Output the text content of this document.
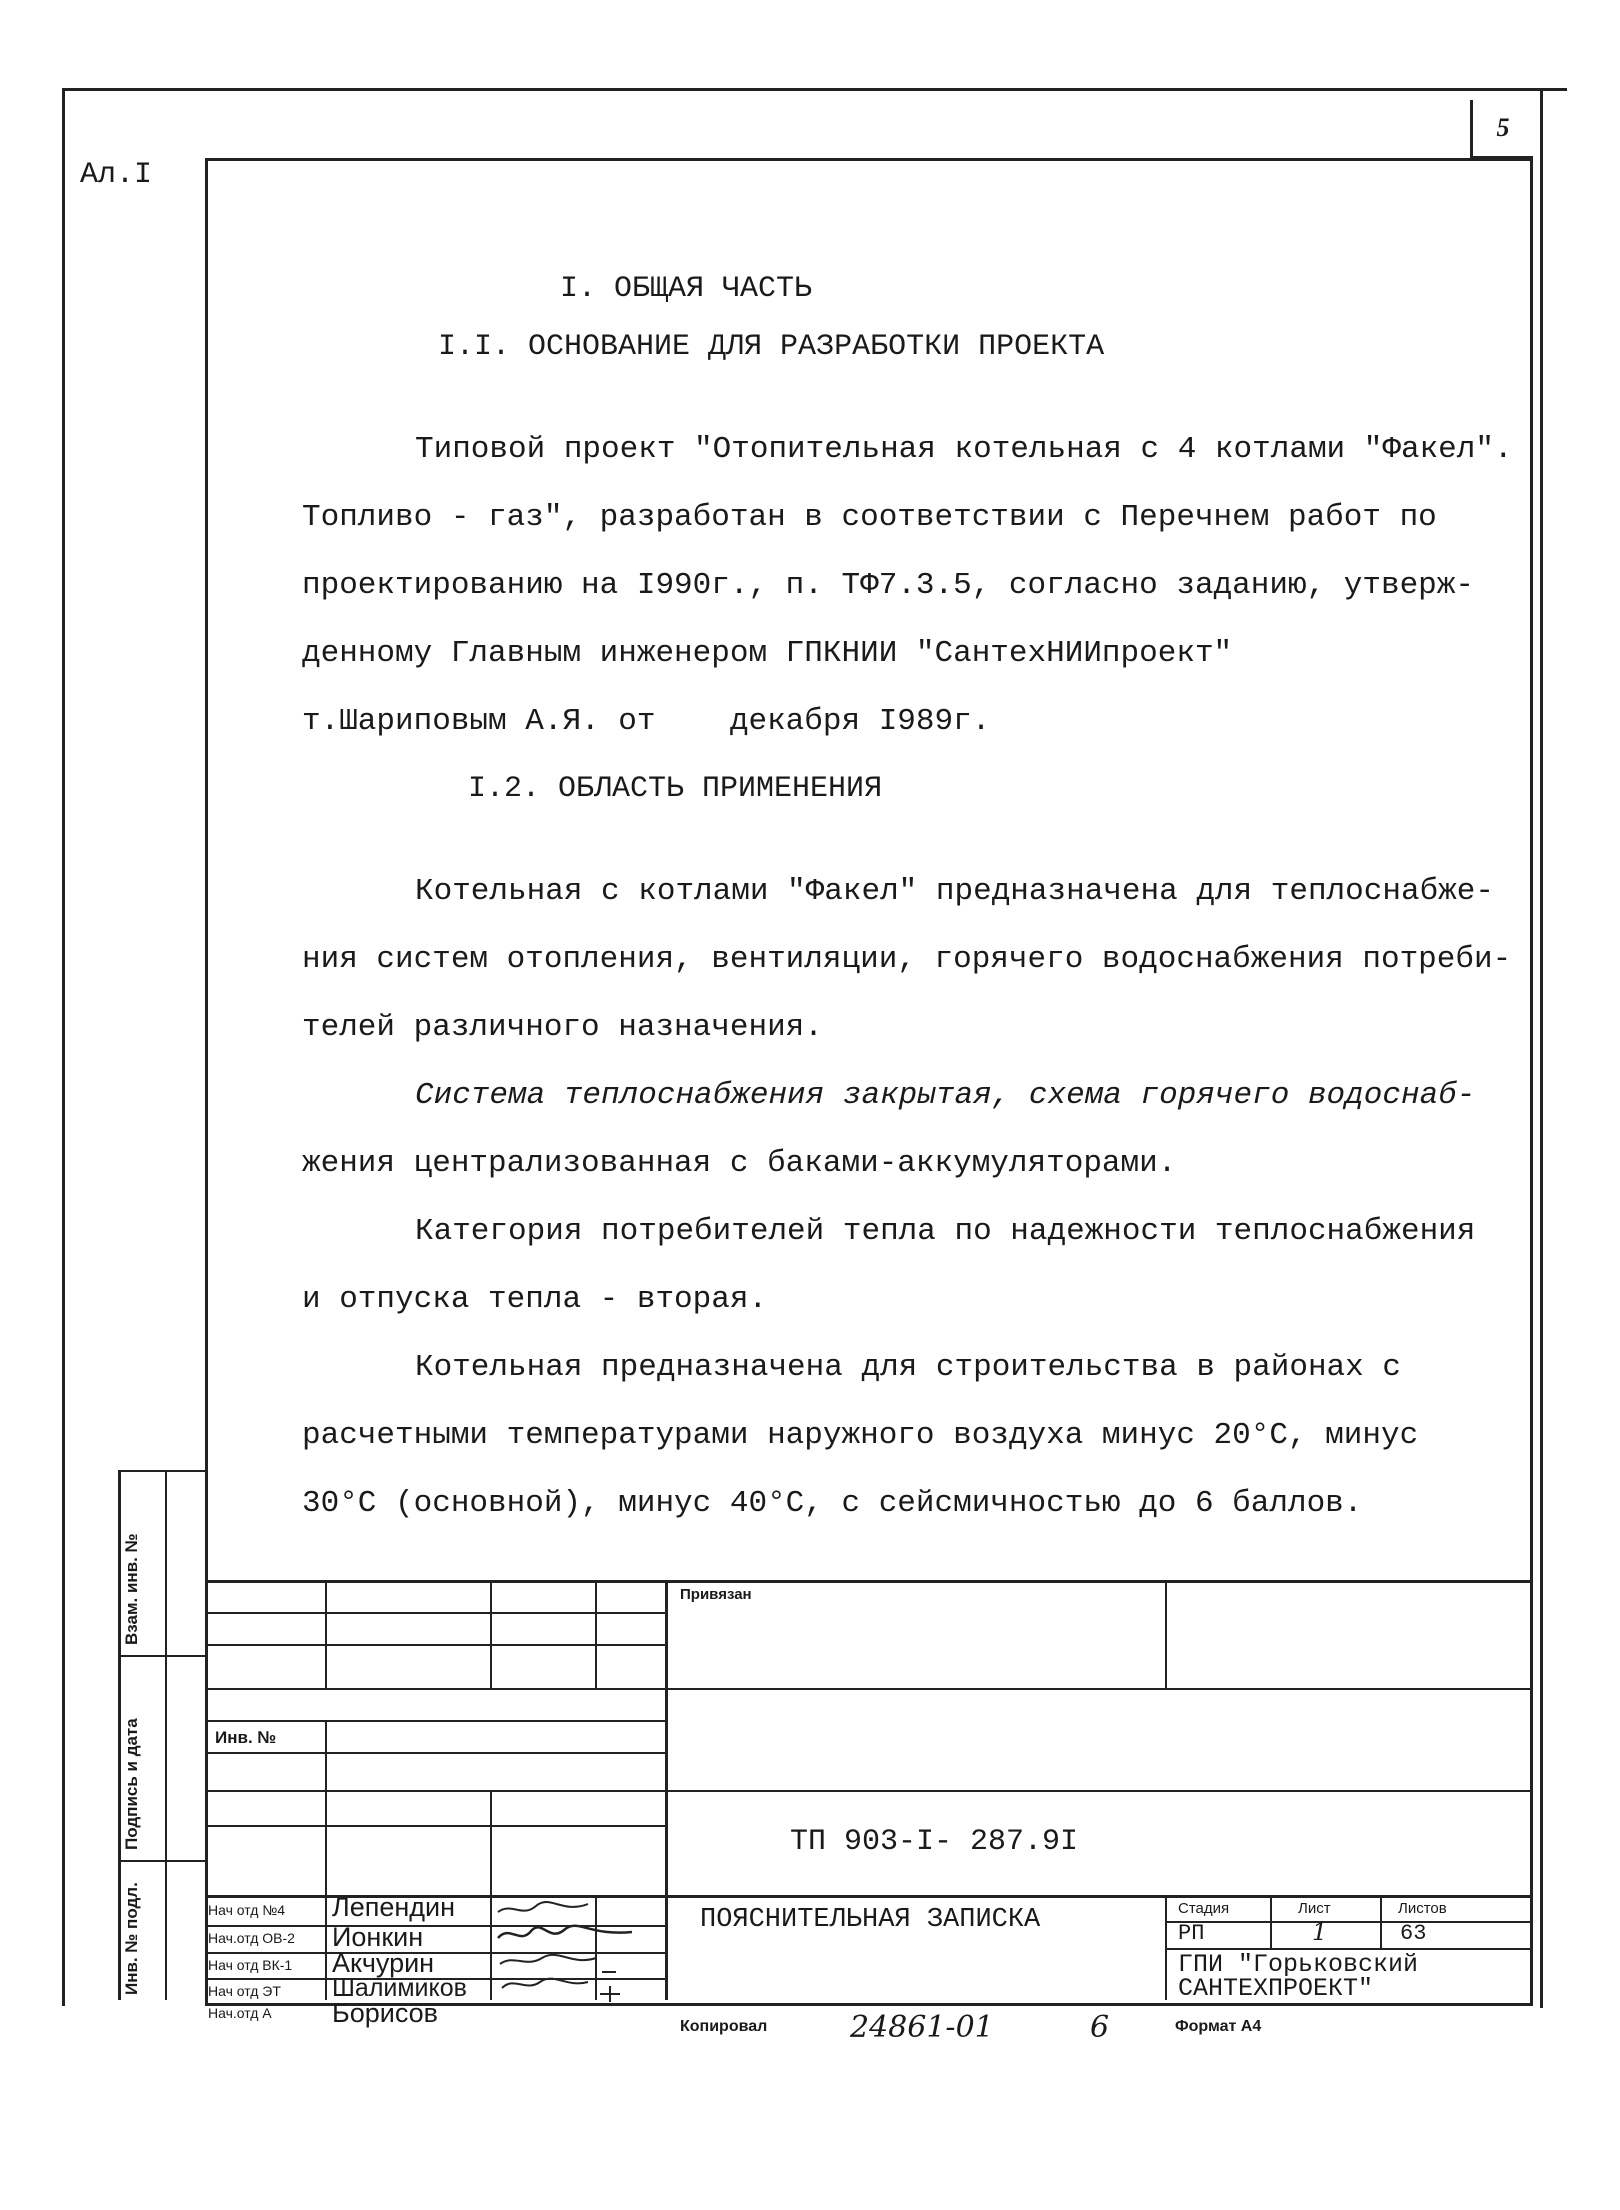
5
Ал.I
I. ОБЩАЯ ЧАСТЬ
I.I. ОСНОВАНИЕ ДЛЯ РАЗРАБОТКИ ПРОЕКТА
I.2. ОБЛАСТЬ ПРИМЕНЕНИЯ
Типовой проект "Отопительная котельная с 4 котлами "Факел".
Топливо - газ", разработан в соответствии с Перечнем работ по
проектированию на I990г., п. ТФ7.3.5, согласно заданию, утверж-
денному Главным инженером ГПКНИИ "СантехНИИпроект"
т.Шариповым А.Я. от    декабря I989г.
Котельная с котлами "Факел" предназначена для теплоснабже-
ния систем отопления, вентиляции, горячего водоснабжения потреби-
телей различного назначения.
Система теплоснабжения закрытая, схема горячего водоснаб-
жения централизованная с баками-аккумуляторами.
Категория потребителей тепла по надежности теплоснабжения
и отпуска тепла - вторая.
Котельная предназначена для строительства в районах с
расчетными температурами наружного воздуха минус 20°С, минус
30°С (основной), минус 40°С, с сейсмичностью до 6 баллов.
Взам. инв. №
Подпись и дата
Инв. № подл.
Привязан
Инв. №
ТП 903-I- 287.9I
ПОЯСНИТЕЛЬНАЯ ЗАПИСКА	Стадия	Лист	Листов
РП	1	63
ГПИ "Горьковский
САНТЕХПРОЕКТ"
Нач отд №4 Лепендин
Нач.отд ОВ-2 Ионкин
Нач отд ВК-1 Акчурин
Нач отд ЭТ Шалимиков
Нач.отд А Борисов	Копировал	24861-01	6	Формат А4
